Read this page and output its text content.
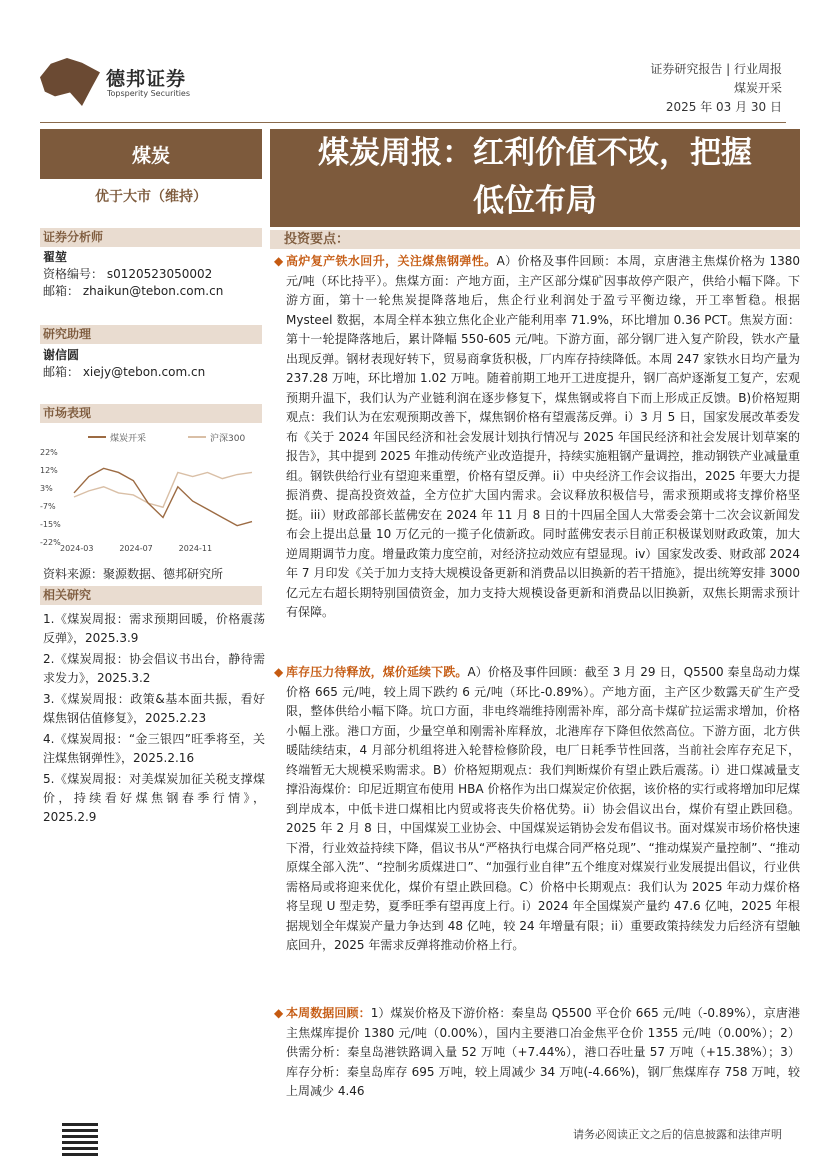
德邦证券
Topsperity Securities
证券研究报告 | 行业周报
煤炭开采
2025 年 03 月 30 日
煤炭	煤炭周报：红利价值不改，把握
低位布局
优于大市（维持）
证券分析师
翟堃
资格编号： s0120523050002
邮箱： zhaikun@tebon.com.cn
研究助理
谢信圆
邮箱： xiejy@tebon.com.cn
市场表现
煤炭开采	沪深300
22%
12%
3%
-7%
-15%
-22%
2024-03	2024-07	2024-11
资料来源：聚源数据、德邦研究所
相关研究
1.《煤炭周报：需求预期回暖，价格震荡反弹》，2025.3.9
2.《煤炭周报：协会倡议书出台，静待需求发力》，2025.3.2
3.《煤炭周报：政策&基本面共振，看好煤焦钢估值修复》，2025.2.23
4.《煤炭周报：“金三银四”旺季将至，关注煤焦钢弹性》，2025.2.16
5.《煤炭周报：对美煤炭加征关税支撑煤价，持续看好煤焦钢春季行情》，2025.2.9
投资要点：
◆ 高炉复产铁水回升，关注煤焦钢弹性。A）价格及事件回顾：本周，京唐港主焦煤价格为 1380 元/吨（环比持平）。焦煤方面：产地方面，主产区部分煤矿因事故停产限产，供给小幅下降。下游方面，第十一轮焦炭提降落地后，焦企行业利润处于盈亏平衡边缘，开工率暂稳。根据 Mysteel 数据，本周全样本独立焦化企业产能利用率 71.9%，环比增加 0.36 PCT。焦炭方面：第十一轮提降落地后，累计降幅 550-605 元/吨。下游方面，部分钢厂进入复产阶段，铁水产量出现反弹。钢材表现好转下，贸易商拿货积极，厂内库存持续降低。本周 247 家铁水日均产量为 237.28 万吨，环比增加 1.02 万吨。随着前期工地开工进度提升，钢厂高炉逐渐复工复产，宏观预期升温下，我们认为产业链利润在逐步修复下，煤焦钢或将自下而上形成正反馈。B)价格短期观点：我们认为在宏观预期改善下，煤焦钢价格有望震荡反弹。i）3 月 5 日，国家发展改革委发布《关于 2024 年国民经济和社会发展计划执行情况与 2025 年国民经济和社会发展计划草案的报告》，其中提到 2025 年推动传统产业改造提升，持续实施粗钢产量调控，推动钢铁产业减量重组。钢铁供给行业有望迎来重塑，价格有望反弹。ii）中央经济工作会议指出，2025 年要大力提振消费、提高投资效益，全方位扩大国内需求。会议释放积极信号，需求预期或将支撑价格坚挺。iii）财政部部长蓝佛安在 2024 年 11 月 8 日的十四届全国人大常委会第十二次会议新闻发布会上提出总量 10 万亿元的一揽子化债新政。同时蓝佛安表示目前正积极谋划财政政策，加大逆周期调节力度。增量政策力度空前，对经济拉动效应有望显现。iv）国家发改委、财政部 2024 年 7 月印发《关于加力支持大规模设备更新和消费品以旧换新的若干措施》，提出统筹安排 3000 亿元左右超长期特别国债资金，加力支持大规模设备更新和消费品以旧换新，双焦长期需求预计有保障。
◆ 库存压力待释放，煤价延续下跌。A）价格及事件回顾：截至 3 月 29 日，Q5500 秦皇岛动力煤价格 665 元/吨，较上周下跌约 6 元/吨（环比-0.89%）。产地方面，主产区少数露天矿生产受限，整体供给小幅下降。坑口方面，非电终端维持刚需补库，部分高卡煤矿拉运需求增加，价格小幅上涨。港口方面，少量空单和刚需补库释放，北港库存下降但依然高位。下游方面，北方供暖陆续结束，4 月部分机组将进入轮替检修阶段，电厂日耗季节性回落，当前社会库存充足下，终端暂无大规模采购需求。B）价格短期观点：我们判断煤价有望止跌后震荡。i）进口煤减量支撑沿海煤价：印尼近期宣布使用 HBA 价格作为出口煤炭定价依据，该价格的实行或将增加印尼煤到岸成本，中低卡进口煤相比内贸或将丧失价格优势。ii）协会倡议出台，煤价有望止跌回稳。2025 年 2 月 8 日，中国煤炭工业协会、中国煤炭运销协会发布倡议书。面对煤炭市场价格快速下滑，行业效益持续下降，倡议书从“严格执行电煤合同严格兑现”、“推动煤炭产量控制”、“推动原煤全部入洗”、“控制劣质煤进口”、“加强行业自律”五个维度对煤炭行业发展提出倡议，行业供需格局或将迎来优化，煤价有望止跌回稳。C）价格中长期观点：我们认为 2025 年动力煤价格将呈现 U 型走势，夏季旺季有望再度上行。i）2024 年全国煤炭产量约 47.6 亿吨，2025 年根据规划全年煤炭产量力争达到 48 亿吨，较 24 年增量有限；ii）重要政策持续发力后经济有望触底回升，2025 年需求反弹将推动价格上行。
◆ 本周数据回顾：1）煤炭价格及下游价格：秦皇岛 Q5500 平仓价 665 元/吨（-0.89%），京唐港主焦煤库提价 1380 元/吨（0.00%），国内主要港口冶金焦平仓价 1355 元/吨（0.00%）；2）供需分析：秦皇岛港铁路调入量 52 万吨（+7.44%），港口吞吐量 57 万吨（+15.38%）；3）库存分析：秦皇岛库存 695 万吨，较上周减少 34 万吨(-4.66%)，钢厂焦煤库存 758 万吨，较上周减少 4.46
请务必阅读正文之后的信息披露和法律声明
